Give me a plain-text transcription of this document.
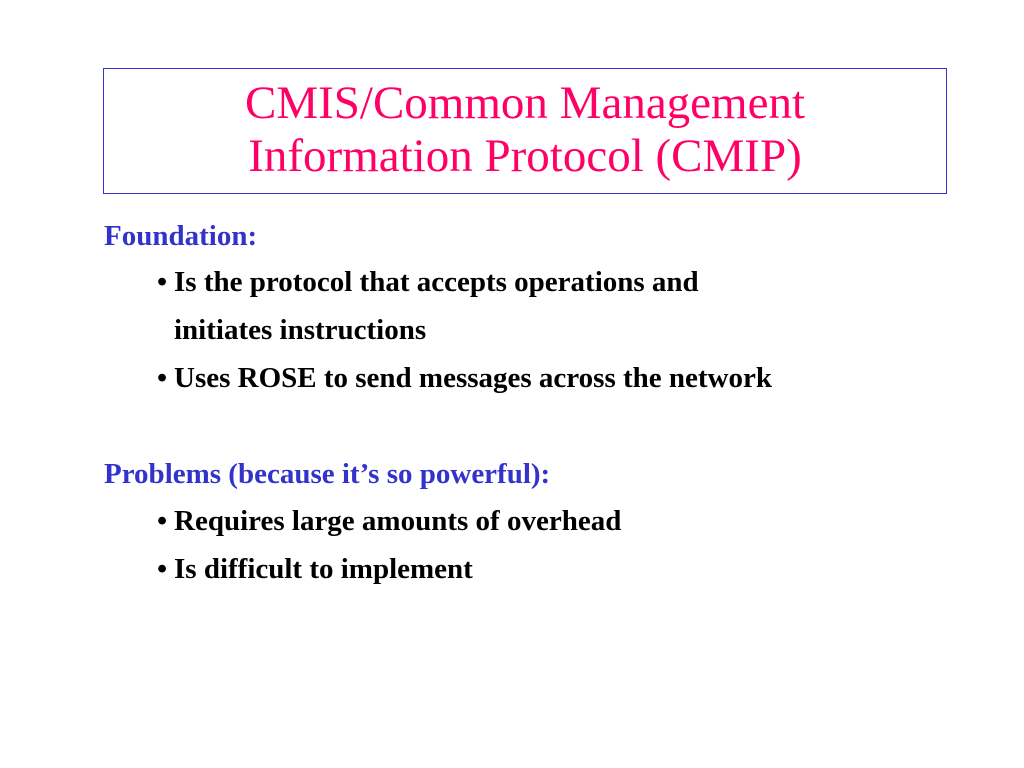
CMIS/Common Management
Information Protocol (CMIP)
Foundation:
• Is the protocol that accepts operations and
initiates instructions
• Uses ROSE to send messages across the network
Problems (because it’s so powerful):
• Requires large amounts of overhead
• Is difficult to implement
